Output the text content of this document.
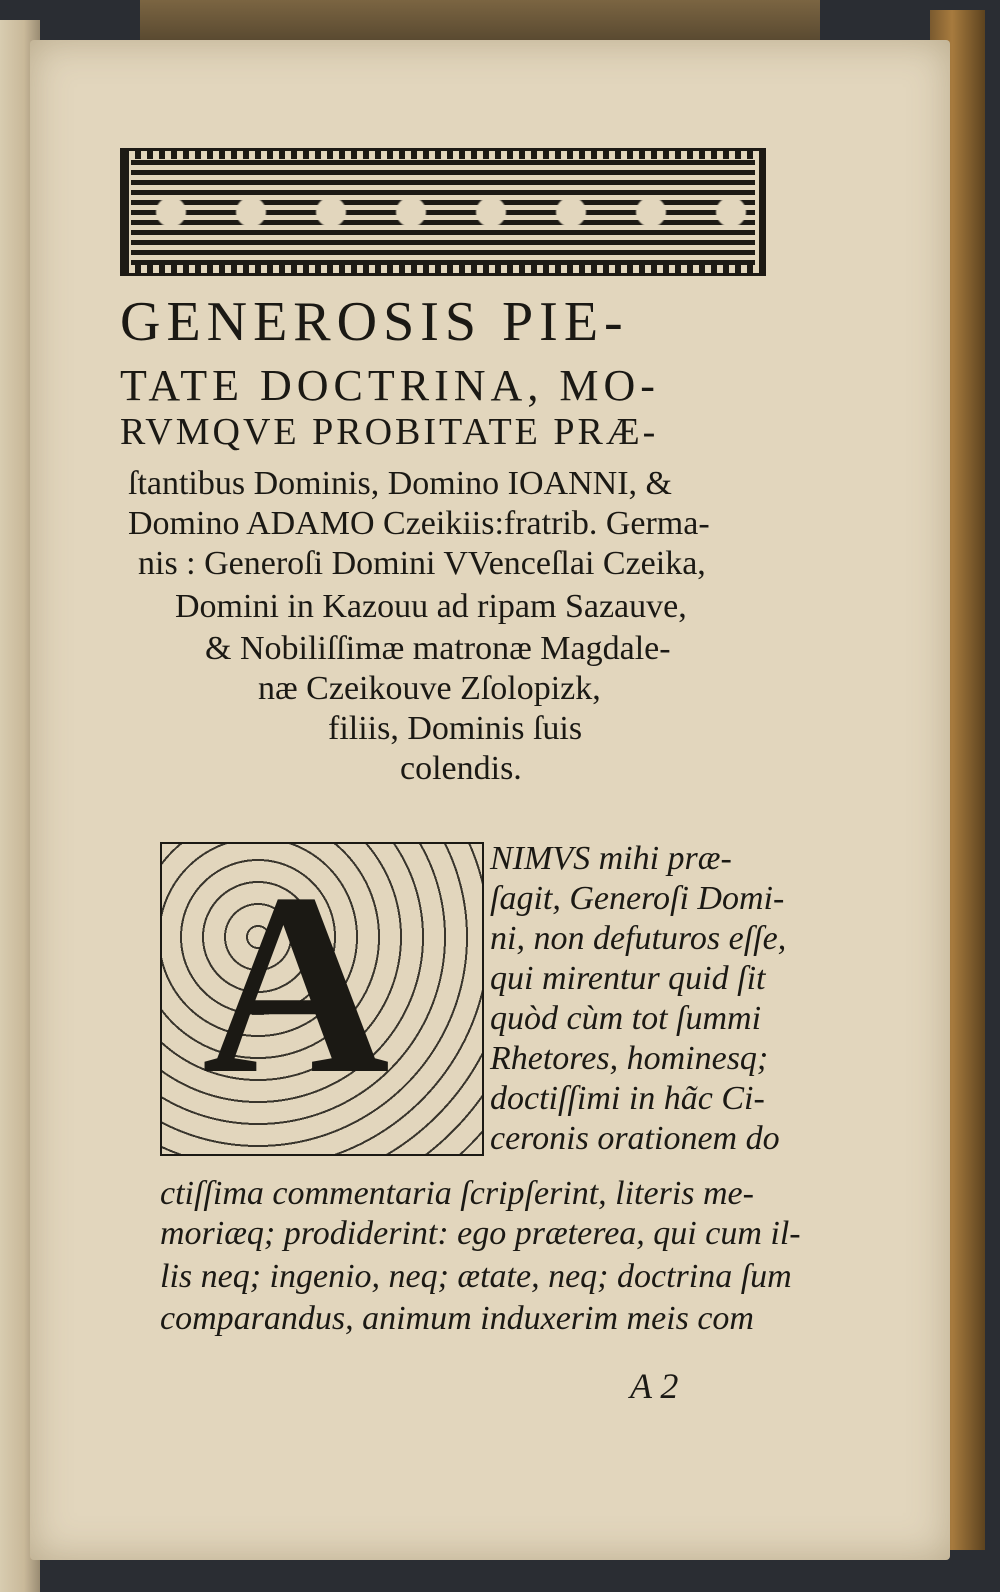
GENEROSIS PIE-
TATE DOCTRINA, MO-
RVMQVE PROBITATE PRÆ-
ſtantibus Dominis, Domino IOANNI, &
Domino ADAMO Czeikiis:fratrib. Germa-
nis : Generoſi Domini VVenceſlai Czeika,
Domini in Kazouu ad ripam Sazauve,
& Nobiliſſimæ matronæ Magdale-
næ Czeikouve Zſolopizk,
filiis, Dominis ſuis
colendis.
A	NIMVS mihi præ-
ſagit, Generoſi Domi-
ni, non defuturos eſſe,
qui mirentur quid ſit
quòd cùm tot ſummi
Rhetores, hominesq;
doctiſſimi in hãc Ci-
ceronis orationem do
ctiſſima commentaria ſcripſerint, literis me-
moriæq; prodiderint: ego præterea, qui cum il-
lis neq; ingenio, neq; ætate, neq; doctrina ſum
comparandus, animum induxerim meis com
A 2
